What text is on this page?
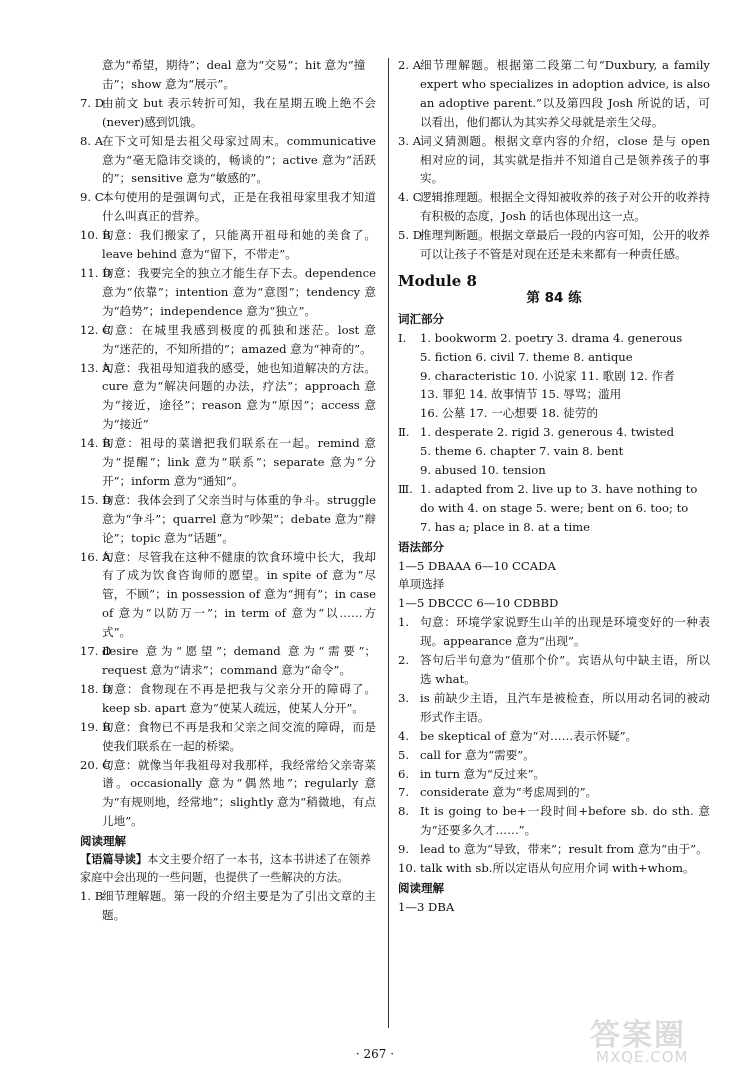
意为“希望，期待”；deal 意为“交易”；hit 意为“撞击”；show 意为“展示”。
7. D
由前文 but 表示转折可知，我在星期五晚上绝不会(never)感到饥饿。
8. A
在下文可知是去祖父母家过周末。communicative 意为“毫无隐讳交谈的，畅谈的”；active 意为“活跃的”；sensitive 意为“敏感的”。
9. C
本句使用的是强调句式，正是在我祖母家里我才知道什么叫真正的营养。
10. B
句意：我们搬家了，只能离开祖母和她的美食了。leave behind 意为“留下，不带走”。
11. D
句意：我要完全的独立才能生存下去。dependence 意为“依靠”；intention 意为“意图”；tendency 意为“趋势”；independence 意为“独立”。
12. C
句意：在城里我感到极度的孤独和迷茫。lost 意为“迷茫的，不知所措的”；amazed 意为“神奇的”。
13. A
句意：我祖母知道我的感受，她也知道解决的方法。cure 意为“解决问题的办法，疗法”；approach 意为“接近，途径”；reason 意为“原因”；access 意为“接近”
14. B
句意：祖母的菜谱把我们联系在一起。remind 意为“提醒”；link 意为“联系”；separate 意为“分开”；inform 意为“通知”。
15. D
句意：我体会到了父亲当时与体重的争斗。struggle 意为“争斗”；quarrel 意为“吵架”；debate 意为“辩论”；topic 意为“话题”。
16. A
句意：尽管我在这种不健康的饮食环境中长大，我却有了成为饮食咨询师的愿望。in spite of 意为“尽管，不顾”；in possession of 意为“拥有”；in case of 意为“以防万一”；in term of 意为“以……方式”。
17. D
desire 意为“愿望”；demand 意为“需要”；request 意为“请求”；command 意为“命令”。
18. D
句意：食物现在不再是把我与父亲分开的障碍了。keep sb. apart 意为“使某人疏远，使某人分开”。
19. B
句意：食物已不再是我和父亲之间交流的障碍，而是使我们联系在一起的桥梁。
20. C
句意：就像当年我祖母对我那样，我经常给父亲寄菜谱。occasionally 意为“偶然地”；regularly 意为“有规则地，经常地”；slightly 意为“稍微地，有点儿地”。
阅读理解
【语篇导读】本文主要介绍了一本书，这本书讲述了在领养家庭中会出现的一些问题，也提供了一些解决的方法。
1. B
细节理解题。第一段的介绍主要是为了引出文章的主题。
2. A
细节理解题。根据第二段第二句“Duxbury, a family expert who specializes in adoption advice, is also an adoptive parent.”以及第四段 Josh 所说的话，可以看出，他们都认为其实养父母就是亲生父母。
3. A
词义猜测题。根据文章内容的介绍，close 是与 open 相对应的词，其实就是指并不知道自己是领养孩子的事实。
4. C
逻辑推理题。根据全文得知被收养的孩子对公开的收养持有积极的态度，Josh 的话也体现出这一点。
5. D
推理判断题。根据文章最后一段的内容可知，公开的收养可以让孩子不管是对现在还是未来都有一种责任感。
Module 8
第 84 练
词汇部分
Ⅰ. 1. bookworm 2. poetry 3. drama 4. generous
5. fiction 6. civil 7. theme 8. antique
9. characteristic 10. 小说家 11. 歌剧 12. 作者
13. 罪犯 14. 故事情节 15. 辱骂；滥用
16. 公墓 17. 一心想要 18. 徒劳的
Ⅱ. 1. desperate 2. rigid 3. generous 4. twisted
5. theme 6. chapter 7. vain 8. bent
9. abused 10. tension
Ⅲ. 1. adapted from 2. live up to 3. have nothing to
do with 4. on stage 5. were; bent on 6. too; to
7. has a; place in 8. at a time
语法部分
1—5 DBAAA 6—10 CCADA
单项选择
1—5 DBCCC 6—10 CDBBD
1. 句意：环境学家说野生山羊的出现是环境变好的一种表现。appearance 意为“出现”。
2. 答句后半句意为“值那个价”。宾语从句中缺主语，所以选 what。
3. is 前缺少主语，且汽车是被检查，所以用动名词的被动形式作主语。
4. be skeptical of 意为“对……表示怀疑”。
5. call for 意为“需要”。
6. in turn 意为“反过来”。
7. considerate 意为“考虑周到的”。
8. It is going to be+一段时间+before sb. do sth. 意为“还要多久才……”。
9. lead to 意为“导致，带来”；result from 意为“由于”。
10. talk with sb.所以定语从句应用介词 with+whom。
阅读理解
1—3 DBA
· 267 ·
答案圈
MXQE.COM
